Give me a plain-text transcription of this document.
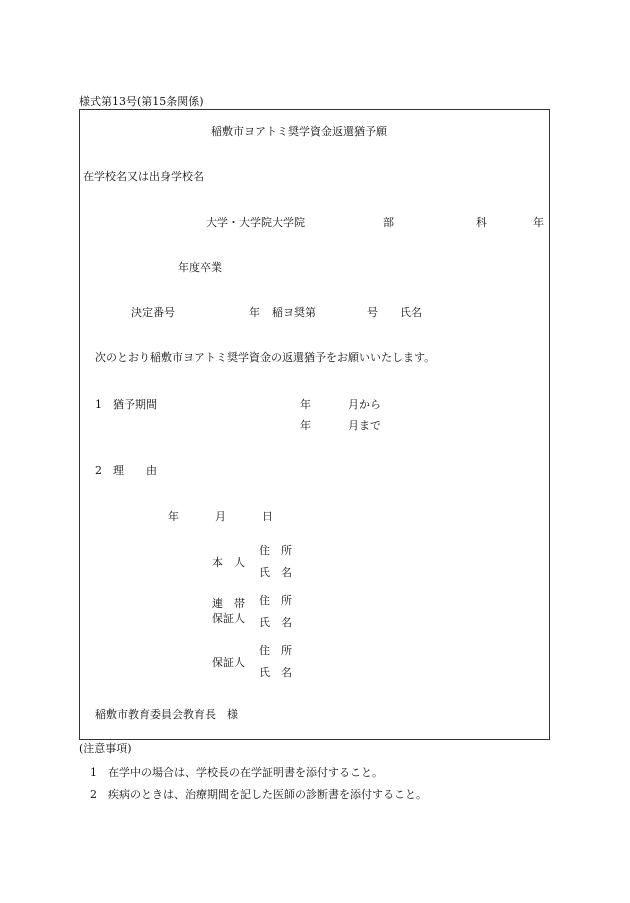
様式第13号(第15条関係)
稲敷市ヨアトミ奨学資金返還猶予願
在学校名又は出身学校名
大学・大学院大学院	部	科	年
年度卒業
決定番号	年 稲ヨ奨第	号 氏名
次のとおり稲敷市ヨアトミ奨学資金の返還猶予をお願いいたします。
1　猶予期間	年	月から
年	月まで
2　理　　由
年	月	日
本　人
住　所
氏　名
連　帯
保証人
住　所
氏　名
保証人
住　所
氏　名
稲敷市教育委員会教育長　様
(注意事項)
1　在学中の場合は、学校長の在学証明書を添付すること。
2　疾病のときは、治療期間を記した医師の診断書を添付すること。
